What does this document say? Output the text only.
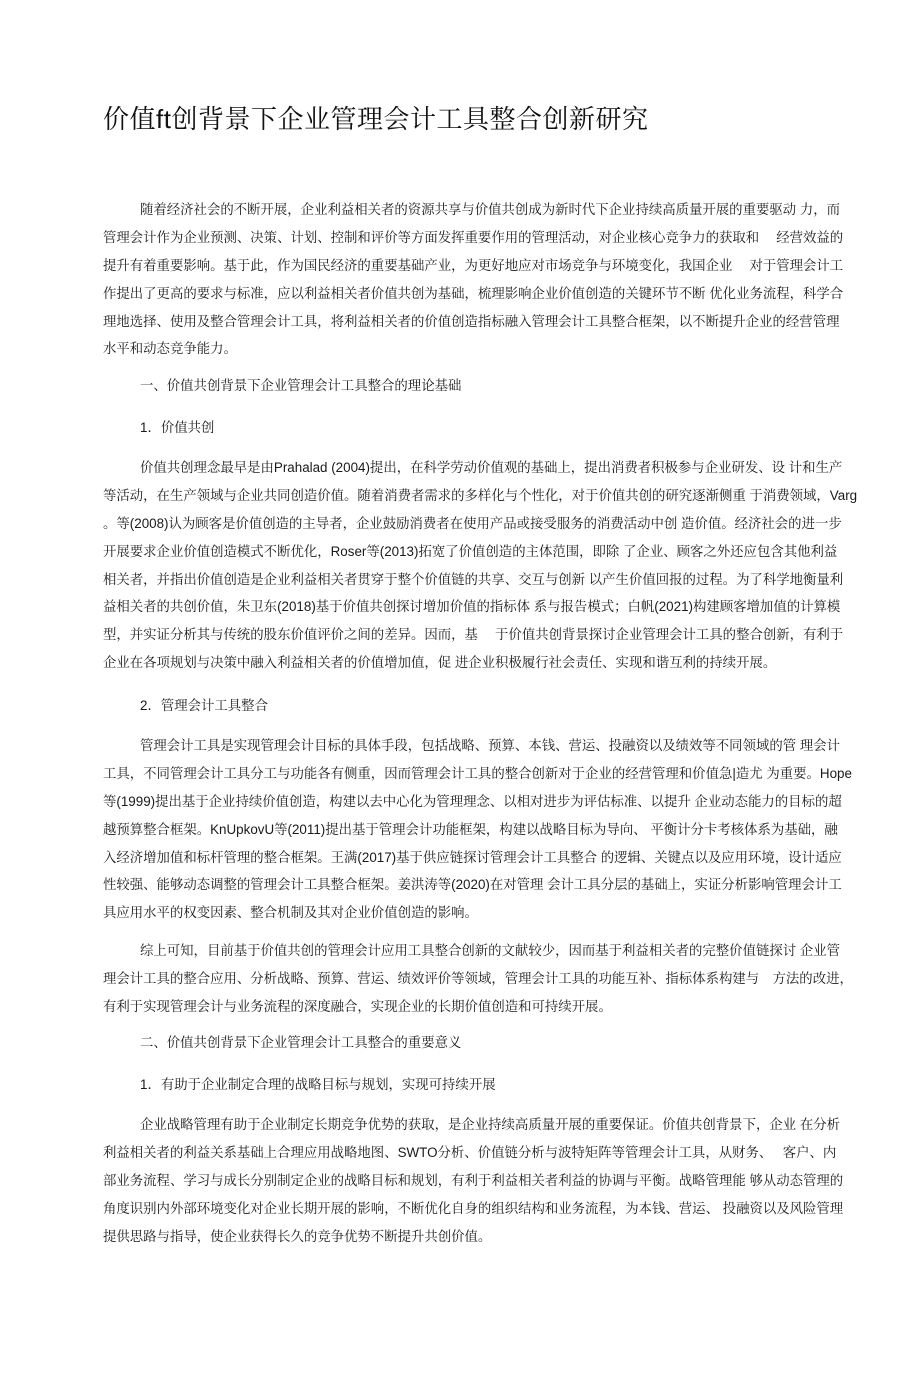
价值ft创背景下企业管理会计工具整合创新研究
随着经济社会的不断开展，企业利益相关者的资源共享与价值共创成为新时代下企业持续高质量开展的重要驱动 力，而
管理会计作为企业预测、决策、计划、控制和评价等方面发挥重要作用的管理活动，对企业核心竞争力的获取和　 经营效益的
提升有着重要影响。基于此，作为国民经济的重要基础产业，为更好地应对市场竞争与环境变化，我国企业　 对于管理会计工
作提出了更高的要求与标准，应以利益相关者价值共创为基础，梳理影响企业价值创造的关键环节不断 优化业务流程，科学合
理地选择、使用及整合管理会计工具，将利益相关者的价值创造指标融入管理会计工具整合框架，以不断提升企业的经营管理
水平和动态竞争能力。
一、价值共创背景下企业管理会计工具整合的理论基础
1．价值共创
价值共创理念最早是由Prahalad (2004)提出，在科学劳动价值观的基础上，提出消费者积极参与企业研发、设 计和生产
等活动，在生产领域与企业共同创造价值。随着消费者需求的多样化与个性化，对于价值共创的研究逐渐侧重 于消费领域，Varg
。等(2008)认为顾客是价值创造的主导者，企业鼓励消费者在使用产品或接受服务的消费活动中创 造价值。经济社会的进一步
开展要求企业价值创造模式不断优化，Roser等(2013)拓宽了价值创造的主体范围，即除 了企业、顾客之外还应包含其他利益
相关者，并指出价值创造是企业利益相关者贯穿于整个价值链的共享、交互与创新 以产生价值回报的过程。为了科学地衡量利
益相关者的共创价值，朱卫东(2018)基于价值共创探讨增加价值的指标体 系与报告模式；白帆(2021)构建顾客增加值的计算模
型，并实证分析其与传统的股东价值评价之间的差异。因而，基　 于价值共创背景探讨企业管理会计工具的整合创新，有利于
企业在各项规划与决策中融入利益相关者的价值增加值，促 进企业积极履行社会责任、实现和谐互利的持续开展。
2．管理会计工具整合
管理会计工具是实现管理会计目标的具体手段，包括战略、预算、本钱、营运、投融资以及绩效等不同领域的管 理会计
工具，不同管理会计工具分工与功能各有侧重，因而管理会计工具的整合创新对于企业的经营管理和价值急|造尤 为重要。Hope
等(1999)提出基于企业持续价值创造，构建以去中心化为管理理念、以相对进步为评估标准、以提升 企业动态能力的目标的超
越预算整合框架。KnUpkovU等(2011)提出基于管理会计功能框架，构建以战略目标为导向、 平衡计分卡考核体系为基础，融
入经济增加值和标杆管理的整合框架。王满(2017)基于供应链探讨管理会计工具整合 的逻辑、关键点以及应用环境，设计适应
性较强、能够动态调整的管理会计工具整合框架。姜洪涛等(2020)在对管理 会计工具分层的基础上，实证分析影响管理会计工
具应用水平的权变因素、整合机制及其对企业价值创造的影响。
综上可知，目前基于价值共创的管理会计应用工具整合创新的文献较少，因而基于利益相关者的完整价值链探讨 企业管
理会计工具的整合应用、分析战略、预算、营运、绩效评价等领域，管理会计工具的功能互补、指标体系构建与　方法的改进，
有利于实现管理会计与业务流程的深度融合，实现企业的长期价值创造和可持续开展。
二、价值共创背景下企业管理会计工具整合的重要意义
1．有助于企业制定合理的战略目标与规划，实现可持续开展
企业战略管理有助于企业制定长期竞争优势的获取，是企业持续高质量开展的重要保证。价值共创背景下，企业 在分析
利益相关者的利益关系基础上合理应用战略地图、SWTO分析、价值链分析与波特矩阵等管理会计工具，从财务、　 客户、内
部业务流程、学习与成长分别制定企业的战略目标和规划，有利于利益相关者利益的协调与平衡。战略管理能 够从动态管理的
角度识别内外部环境变化对企业长期开展的影响，不断优化自身的组织结构和业务流程，为本钱、营运、 投融资以及风险管理
提供思路与指导，使企业获得长久的竞争优势不断提升共创价值。
